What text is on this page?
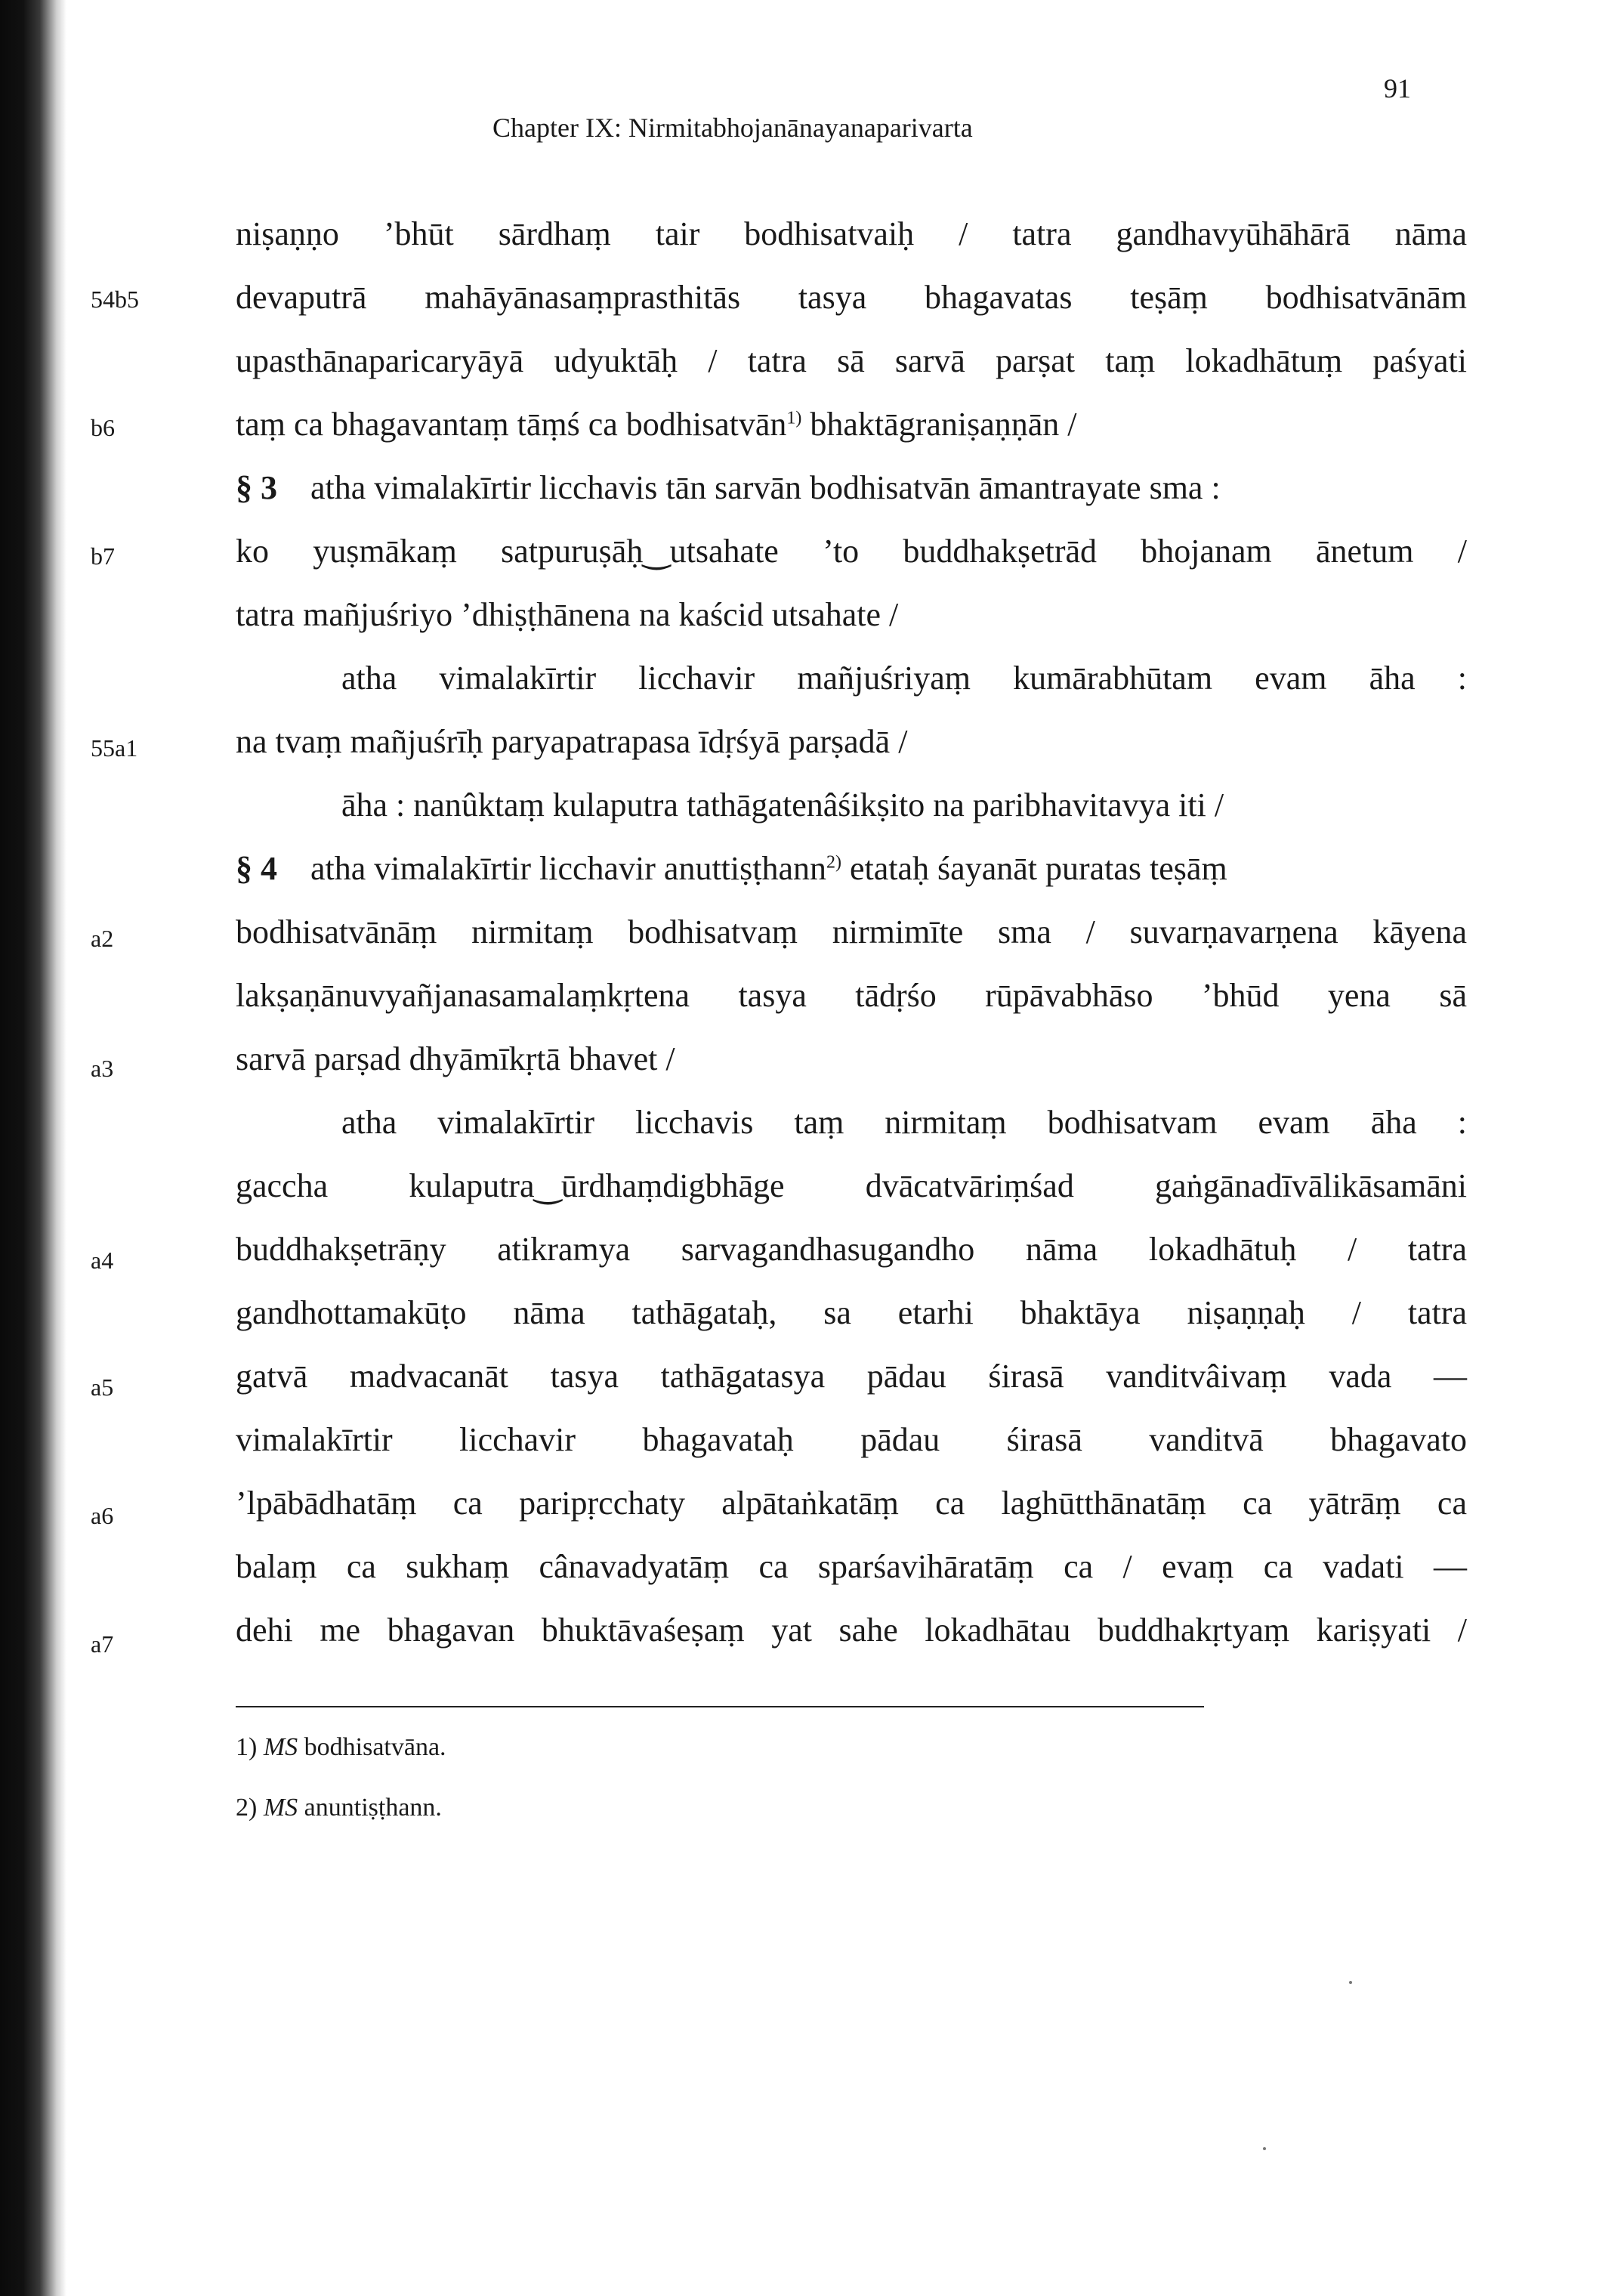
91
Chapter IX: Nirmitabhojanānayanaparivarta
54b5
b6
b7
55a1
a2
a3
a4
a5
a6
a7
niṣaṇṇo ’bhūt sārdhaṃ tair bodhisatvaiḥ / tatra gandhavyūhāhārā nāma
devaputrā mahāyānasaṃprasthitās tasya bhagavatas teṣāṃ bodhisatvānām
upasthānaparicaryāyā udyuktāḥ / tatra sā sarvā parṣat taṃ lokadhātuṃ paśyati
taṃ ca bhagavantaṃ tāṃś ca bodhisatvān$^{1)}$ bhaktāgraniṣaṇṇān /
§ 3 atha vimalakīrtir licchavis tān sarvān bodhisatvān āmantrayate sma :
ko yuṣmākaṃ satpuruṣāḥ‿utsahate ’to buddhakṣetrād bhojanam ānetum /
tatra mañjuśriyo ’dhiṣṭhānena na kaścid utsahate /
atha vimalakīrtir licchavir mañjuśriyaṃ kumārabhūtam evam āha :
na tvaṃ mañjuśrīḥ paryapatrapasa īdṛśyā parṣadā /
āha : nanûktaṃ kulaputra tathāgatenâśikṣito na paribhavitavya iti /
§ 4 atha vimalakīrtir licchavir anuttiṣṭhann$^{2)}$ etataḥ śayanāt puratas teṣāṃ
bodhisatvānāṃ nirmitaṃ bodhisatvaṃ nirmimīte sma / suvarṇavarṇena kāyena
lakṣaṇānuvyañjanasamalaṃkṛtena tasya tādṛśo rūpāvabhāso ’bhūd yena sā
sarvā parṣad dhyāmīkṛtā bhavet /
atha vimalakīrtir licchavis taṃ nirmitaṃ bodhisatvam evam āha :
gaccha kulaputra‿ūrdhaṃdigbhāge dvācatvāriṃśad gaṅgānadīvālikāsamāni
buddhakṣetrāṇy atikramya sarvagandhasugandho nāma lokadhātuḥ / tatra
gandhottamakūṭo nāma tathāgataḥ, sa etarhi bhaktāya niṣaṇṇaḥ / tatra
gatvā madvacanāt tasya tathāgatasya pādau śirasā vanditvâivaṃ vada —
vimalakīrtir licchavir bhagavataḥ pādau śirasā vanditvā bhagavato
’lpābādhatāṃ ca paripṛcchaty alpātaṅkatāṃ ca laghūtthānatāṃ ca yātrāṃ ca
balaṃ ca sukhaṃ cânavadyatāṃ ca sparśavihāratāṃ ca / evaṃ ca vadati —
dehi me bhagavan bhuktāvaśeṣaṃ yat sahe lokadhātau buddhakṛtyaṃ kariṣyati /
1) MS bodhisatvāna.
2) MS anuntiṣṭhann.
